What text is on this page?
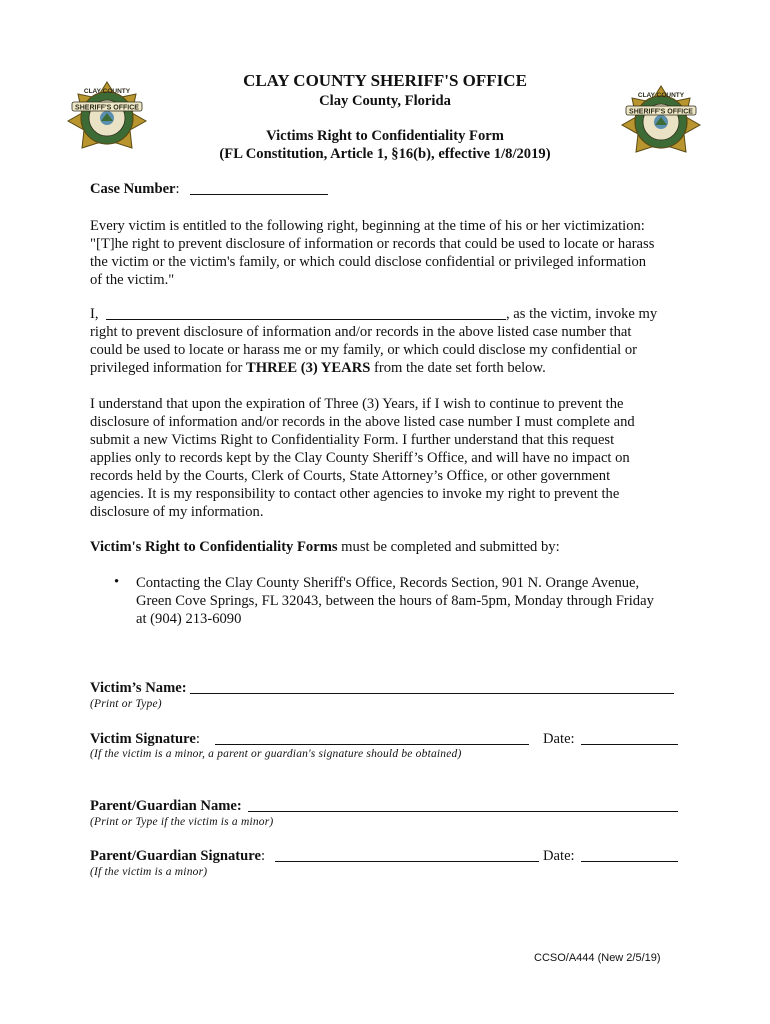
SHERIFF'S OFFICE
CLAY COUNTY
SHERIFF'S OFFICE
CLAY COUNTY
CLAY COUNTY SHERIFF'S OFFICE
Clay County, Florida
Victims Right to Confidentiality Form
(FL Constitution, Article 1, §16(b), effective 1/8/2019)
Case Number:
Every victim is entitled to the following right, beginning at the time of his or her victimization:
"[T]he right to prevent disclosure of information or records that could be used to locate or harass
the victim or the victim's family, or which could disclose confidential or privileged information
of the victim."
I,	, as the victim, invoke my
right to prevent disclosure of information and/or records in the above listed case number that
could be used to locate or harass me or my family, or which could disclose my confidential or
privileged information for THREE (3) YEARS from the date set forth below.
I understand that upon the expiration of Three (3) Years, if I wish to continue to prevent the
disclosure of information and/or records in the above listed case number I must complete and
submit a new Victims Right to Confidentiality Form. I further understand that this request
applies only to records kept by the Clay County Sheriff’s Office, and will have no impact on
records held by the Courts, Clerk of Courts, State Attorney’s Office, or other government
agencies. It is my responsibility to contact other agencies to invoke my right to prevent the
disclosure of my information.
Victim's Right to Confidentiality Forms must be completed and submitted by:
• Contacting the Clay County Sheriff's Office, Records Section, 901 N. Orange Avenue,
Green Cove Springs, FL 32043, between the hours of 8am-5pm, Monday through Friday
at (904) 213-6090
Victim’s Name:
(Print or Type)
Victim Signature:	Date:
(If the victim is a minor, a parent or guardian's signature should be obtained)
Parent/Guardian Name:
(Print or Type if the victim is a minor)
Parent/Guardian Signature:	Date:
(If the victim is a minor)
CCSO/A444 (New 2/5/19)
